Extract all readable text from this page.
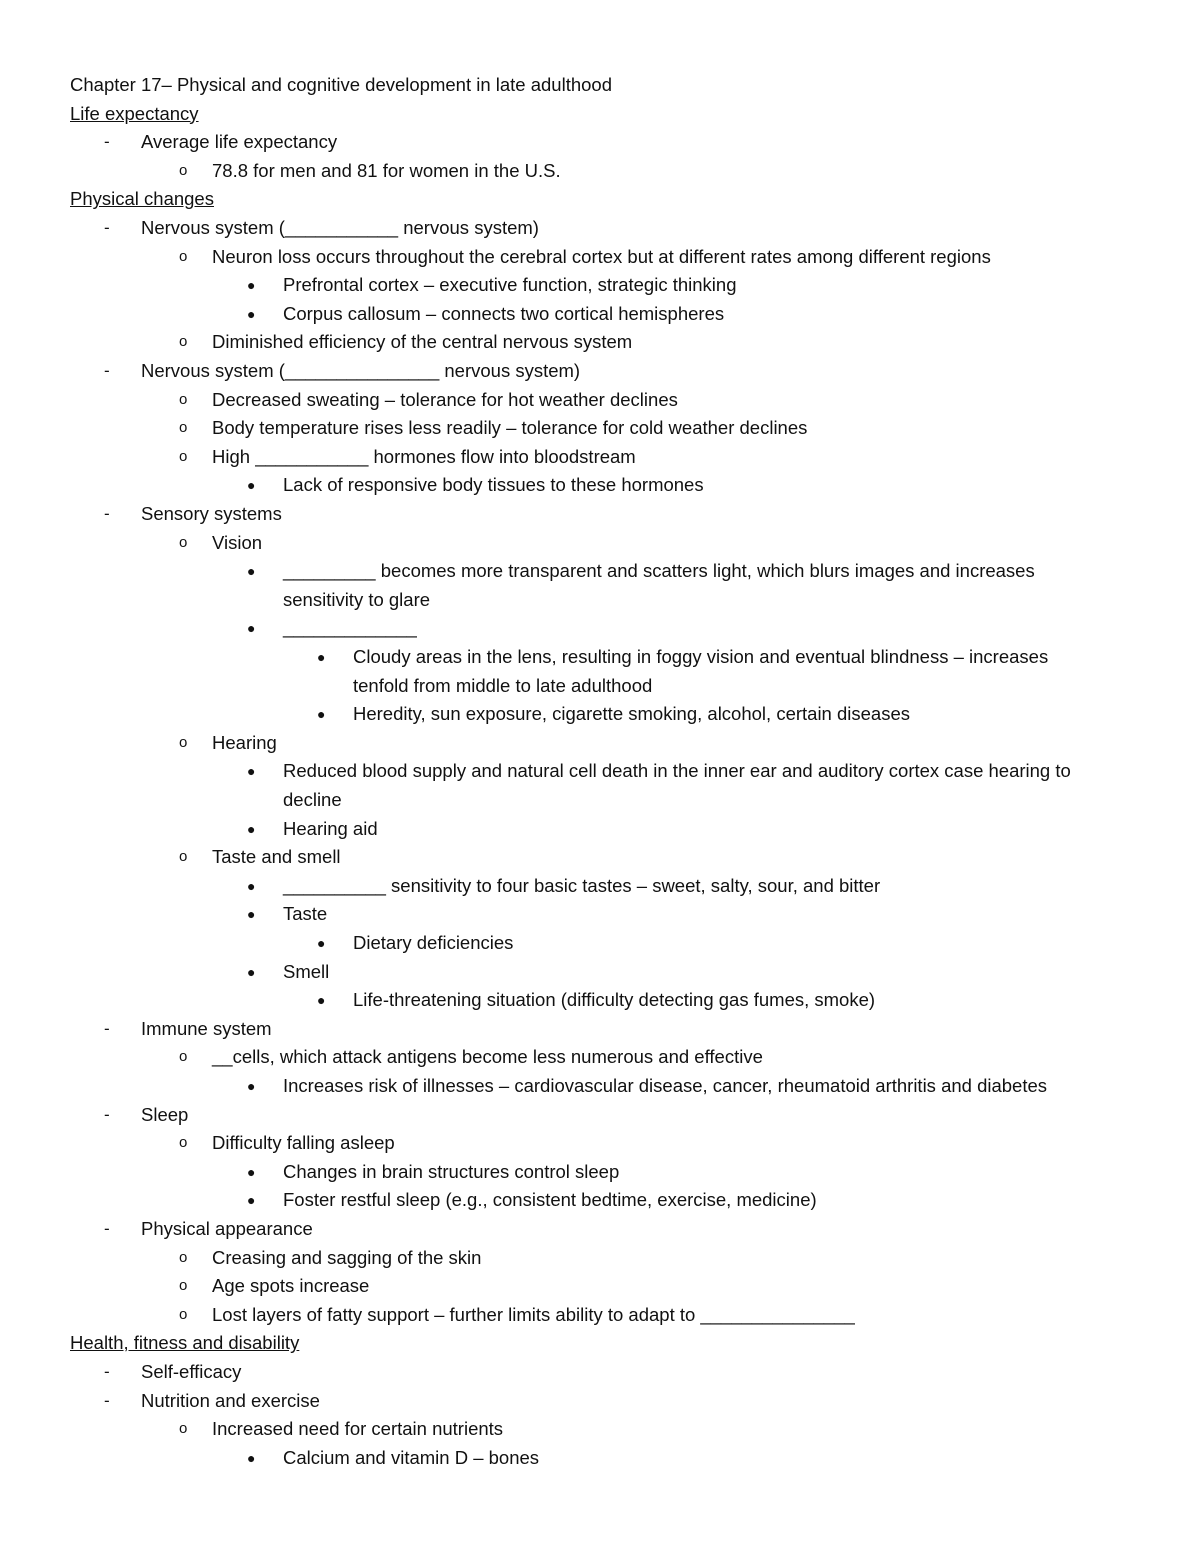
Chapter 17– Physical and cognitive development in late adulthood
Life expectancy
- Average life expectancy
o 78.8 for men and 81 for women in the U.S.
Physical changes
- Nervous system (___________ nervous system)
o Neuron loss occurs throughout the cerebral cortex but at different rates among different regions
● Prefrontal cortex – executive function, strategic thinking
● Corpus callosum – connects two cortical hemispheres
o Diminished efficiency of the central nervous system
- Nervous system (_______________ nervous system)
o Decreased sweating – tolerance for hot weather declines
o Body temperature rises less readily – tolerance for cold weather declines
o High ___________ hormones flow into bloodstream
● Lack of responsive body tissues to these hormones
- Sensory systems
o Vision
● _________ becomes more transparent and scatters light, which blurs images and increases
sensitivity to glare
● _____________
● Cloudy areas in the lens, resulting in foggy vision and eventual blindness – increases
tenfold from middle to late adulthood
● Heredity, sun exposure, cigarette smoking, alcohol, certain diseases
o Hearing
● Reduced blood supply and natural cell death in the inner ear and auditory cortex case hearing to
decline
● Hearing aid
o Taste and smell
● __________ sensitivity to four basic tastes – sweet, salty, sour, and bitter
● Taste
● Dietary deficiencies
● Smell
● Life-threatening situation (difficulty detecting gas fumes, smoke)
- Immune system
o __cells, which attack antigens become less numerous and effective
● Increases risk of illnesses – cardiovascular disease, cancer, rheumatoid arthritis and diabetes
- Sleep
o Difficulty falling asleep
● Changes in brain structures control sleep
● Foster restful sleep (e.g., consistent bedtime, exercise, medicine)
- Physical appearance
o Creasing and sagging of the skin
o Age spots increase
o Lost layers of fatty support – further limits ability to adapt to _______________
Health, fitness and disability
- Self-efficacy
- Nutrition and exercise
o Increased need for certain nutrients
● Calcium and vitamin D – bones
